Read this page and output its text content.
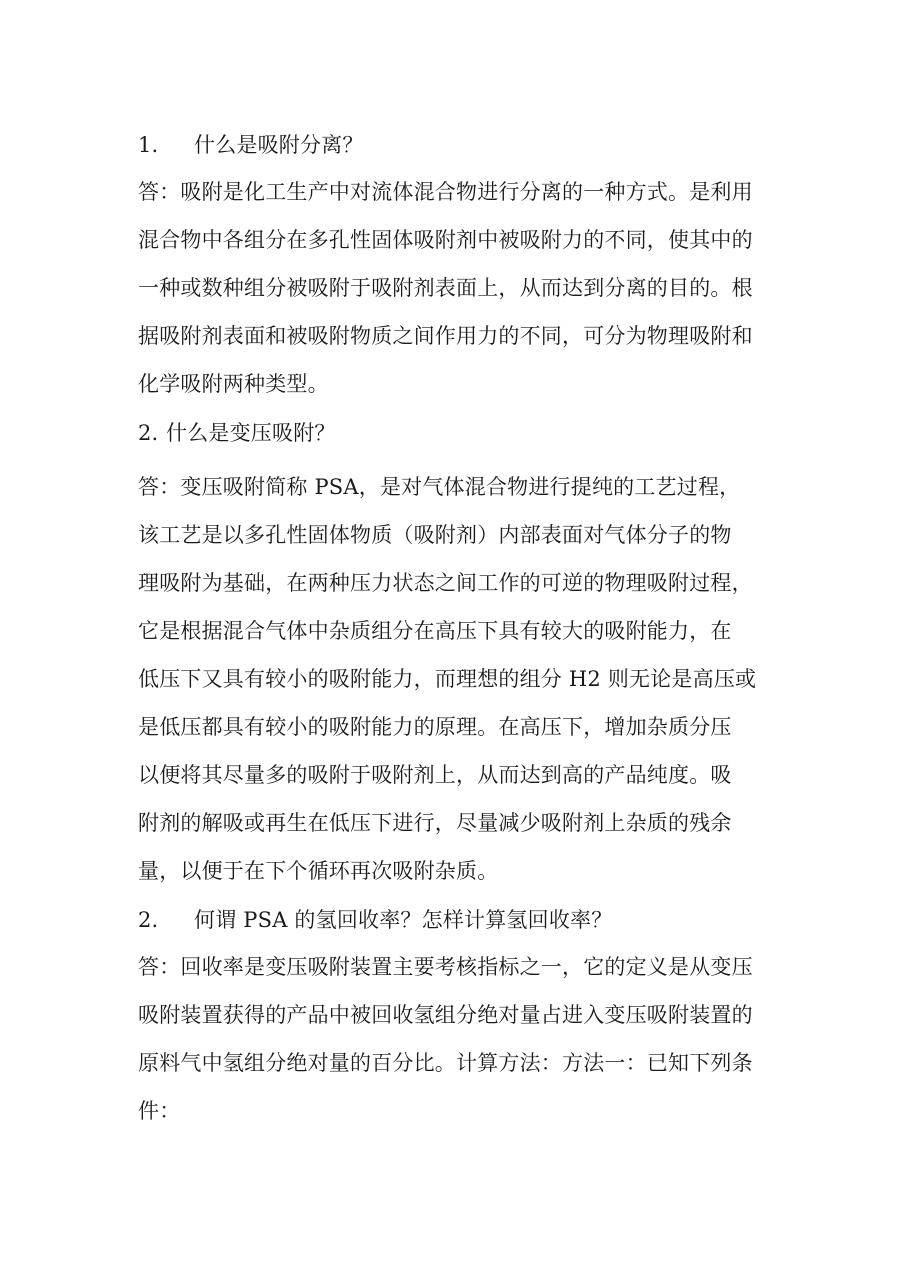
1. 什么是吸附分离？
答：吸附是化工生产中对流体混合物进行分离的一种方式。是利用
混合物中各组分在多孔性固体吸附剂中被吸附力的不同，使其中的
一种或数种组分被吸附于吸附剂表面上，从而达到分离的目的。根
据吸附剂表面和被吸附物质之间作用力的不同，可分为物理吸附和
化学吸附两种类型。
2. 什么是变压吸附？
答：变压吸附简称 PSA，是对气体混合物进行提纯的工艺过程，
该工艺是以多孔性固体物质（吸附剂）内部表面对气体分子的物
理吸附为基础，在两种压力状态之间工作的可逆的物理吸附过程，
它是根据混合气体中杂质组分在高压下具有较大的吸附能力，在
低压下又具有较小的吸附能力，而理想的组分 H2 则无论是高压或
是低压都具有较小的吸附能力的原理。在高压下，增加杂质分压
以便将其尽量多的吸附于吸附剂上，从而达到高的产品纯度。吸
附剂的解吸或再生在低压下进行，尽量减少吸附剂上杂质的残余
量，以便于在下个循环再次吸附杂质。
2. 何谓 PSA 的氢回收率？怎样计算氢回收率？
答：回收率是变压吸附装置主要考核指标之一，它的定义是从变压
吸附装置获得的产品中被回收氢组分绝对量占进入变压吸附装置的
原料气中氢组分绝对量的百分比。计算方法：方法一：已知下列条
件：
